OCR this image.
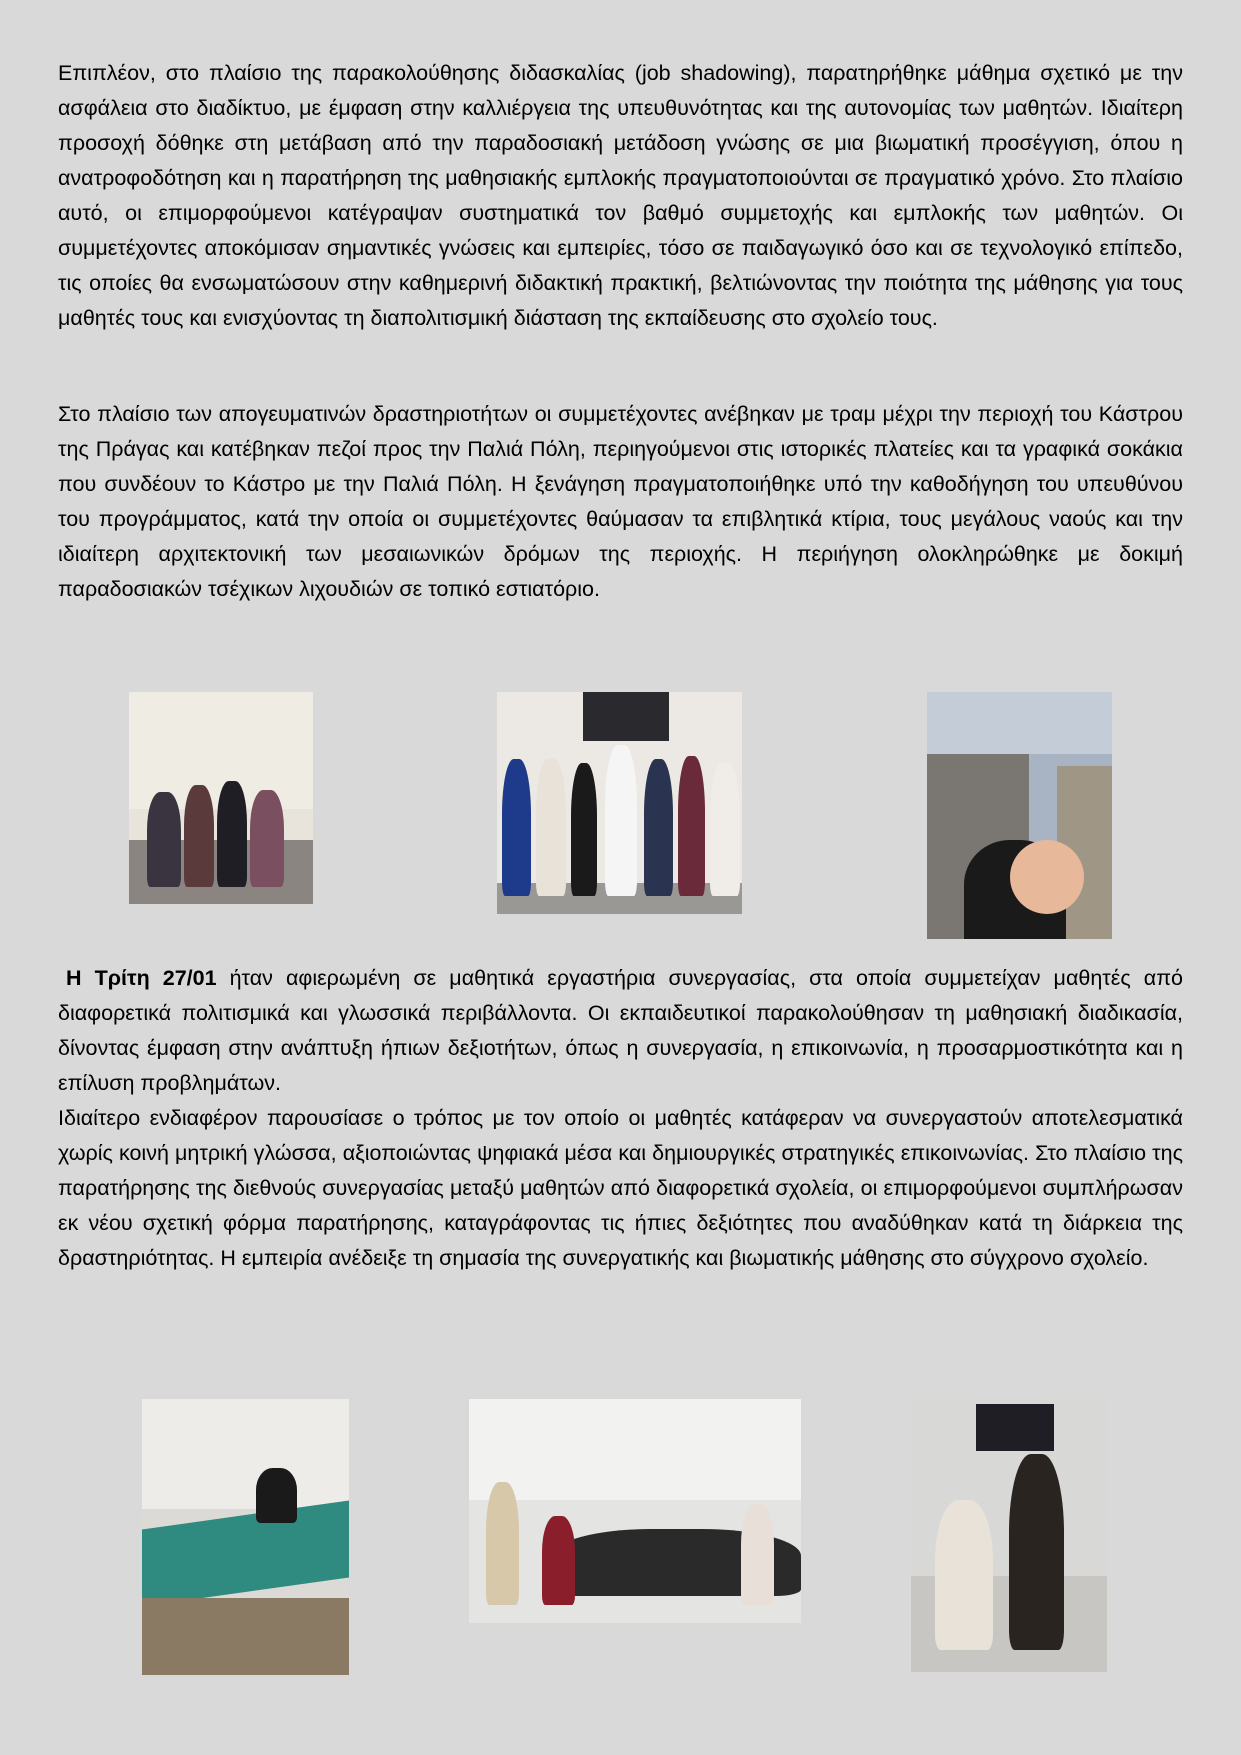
Επιπλέον, στο πλαίσιο της παρακολούθησης διδασκαλίας (job shadowing), παρατηρήθηκε μάθημα σχετικό με την ασφάλεια στο διαδίκτυο, με έμφαση στην καλλιέργεια της υπευθυνότητας και της αυτονομίας των μαθητών. Ιδιαίτερη προσοχή δόθηκε στη μετάβαση από την παραδοσιακή μετάδοση γνώσης σε μια βιωματική προσέγγιση, όπου η ανατροφοδότηση και η παρατήρηση της μαθησιακής εμπλοκής πραγματοποιούνται σε πραγματικό χρόνο. Στο πλαίσιο αυτό, οι επιμορφούμενοι κατέγραψαν συστηματικά τον βαθμό συμμετοχής και εμπλοκής των μαθητών. Οι συμμετέχοντες αποκόμισαν σημαντικές γνώσεις και εμπειρίες, τόσο σε παιδαγωγικό όσο και σε τεχνολογικό επίπεδο, τις οποίες θα ενσωματώσουν στην καθημερινή διδακτική πρακτική, βελτιώνοντας την ποιότητα της μάθησης για τους μαθητές τους και ενισχύοντας τη διαπολιτισμική διάσταση της εκπαίδευσης στο σχολείο τους.

Στο πλαίσιο των απογευματινών δραστηριοτήτων οι συμμετέχοντες ανέβηκαν με τραμ μέχρι την περιοχή του Κάστρου της Πράγας και κατέβηκαν πεζοί προς την Παλιά Πόλη, περιηγούμενοι στις ιστορικές πλατείες και τα γραφικά σοκάκια που συνδέουν το Κάστρο με την Παλιά Πόλη. Η ξενάγηση πραγματοποιήθηκε υπό την καθοδήγηση του υπευθύνου του προγράμματος, κατά την οποία οι συμμετέχοντες θαύμασαν τα επιβλητικά κτίρια, τους μεγάλους ναούς και την ιδιαίτερη αρχιτεκτονική των μεσαιωνικών δρόμων της περιοχής. Η περιήγηση ολοκληρώθηκε με δοκιμή παραδοσιακών τσέχικων λιχουδιών σε τοπικό εστιατόριο.

Η Τρίτη 27/01 ήταν αφιερωμένη σε μαθητικά εργαστήρια συνεργασίας, στα οποία συμμετείχαν μαθητές από διαφορετικά πολιτισμικά και γλωσσικά περιβάλλοντα. Οι εκπαιδευτικοί παρακολούθησαν τη μαθησιακή διαδικασία, δίνοντας έμφαση στην ανάπτυξη ήπιων δεξιοτήτων, όπως η συνεργασία, η επικοινωνία, η προσαρμοστικότητα και η επίλυση προβλημάτων.

Ιδιαίτερο ενδιαφέρον παρουσίασε ο τρόπος με τον οποίο οι μαθητές κατάφεραν να συνεργαστούν αποτελεσματικά χωρίς κοινή μητρική γλώσσα, αξιοποιώντας ψηφιακά μέσα και δημιουργικές στρατηγικές επικοινωνίας. Στο πλαίσιο της παρατήρησης της διεθνούς συνεργασίας μεταξύ μαθητών από διαφορετικά σχολεία, οι επιμορφούμενοι συμπλήρωσαν εκ νέου σχετική φόρμα παρατήρησης, καταγράφοντας τις ήπιες δεξιότητες που αναδύθηκαν κατά τη διάρκεια της δραστηριότητας. Η εμπειρία ανέδειξε τη σημασία της συνεργατικής και βιωματικής μάθησης στο σύγχρονο σχολείο.
